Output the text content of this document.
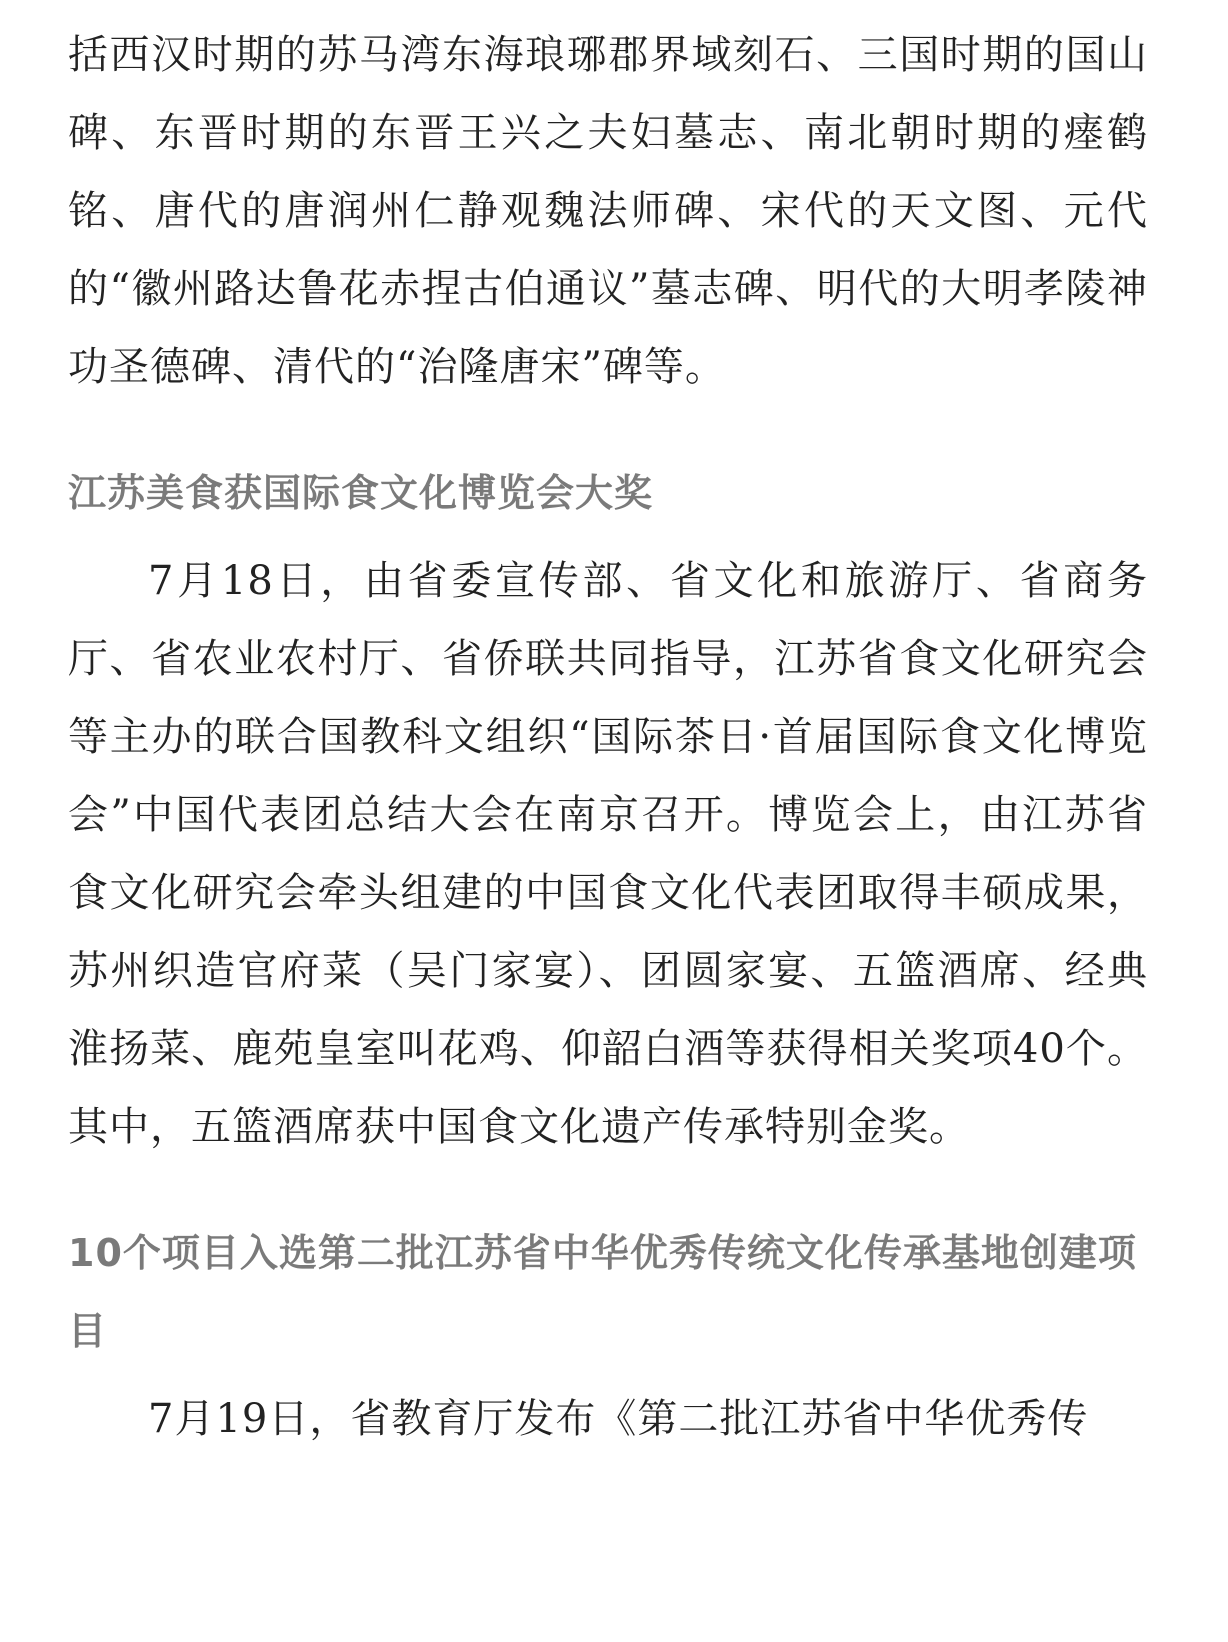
括西汉时期的苏马湾东海琅琊郡界域刻石、三国时期的国山碑、东晋时期的东晋王兴之夫妇墓志、南北朝时期的瘗鹤铭、唐代的唐润州仁静观魏法师碑、宋代的天文图、元代的“徽州路达鲁花赤捏古伯通议”墓志碑、明代的大明孝陵神功圣德碑、清代的“治隆唐宋”碑等。

江苏美食获国际食文化博览会大奖

7月18日，由省委宣传部、省文化和旅游厅、省商务厅、省农业农村厅、省侨联共同指导，江苏省食文化研究会等主办的联合国教科文组织“国际茶日·首届国际食文化博览会”中国代表团总结大会在南京召开。博览会上，由江苏省食文化研究会牵头组建的中国食文化代表团取得丰硕成果，苏州织造官府菜（吴门家宴）、团圆家宴、五篮酒席、经典淮扬菜、鹿苑皇室叫花鸡、仰韶白酒等获得相关奖项40个。其中，五篮酒席获中国食文化遗产传承特别金奖。

10个项目入选第二批江苏省中华优秀传统文化传承基地创建项目

7月19日，省教育厅发布《第二批江苏省中华优秀传
